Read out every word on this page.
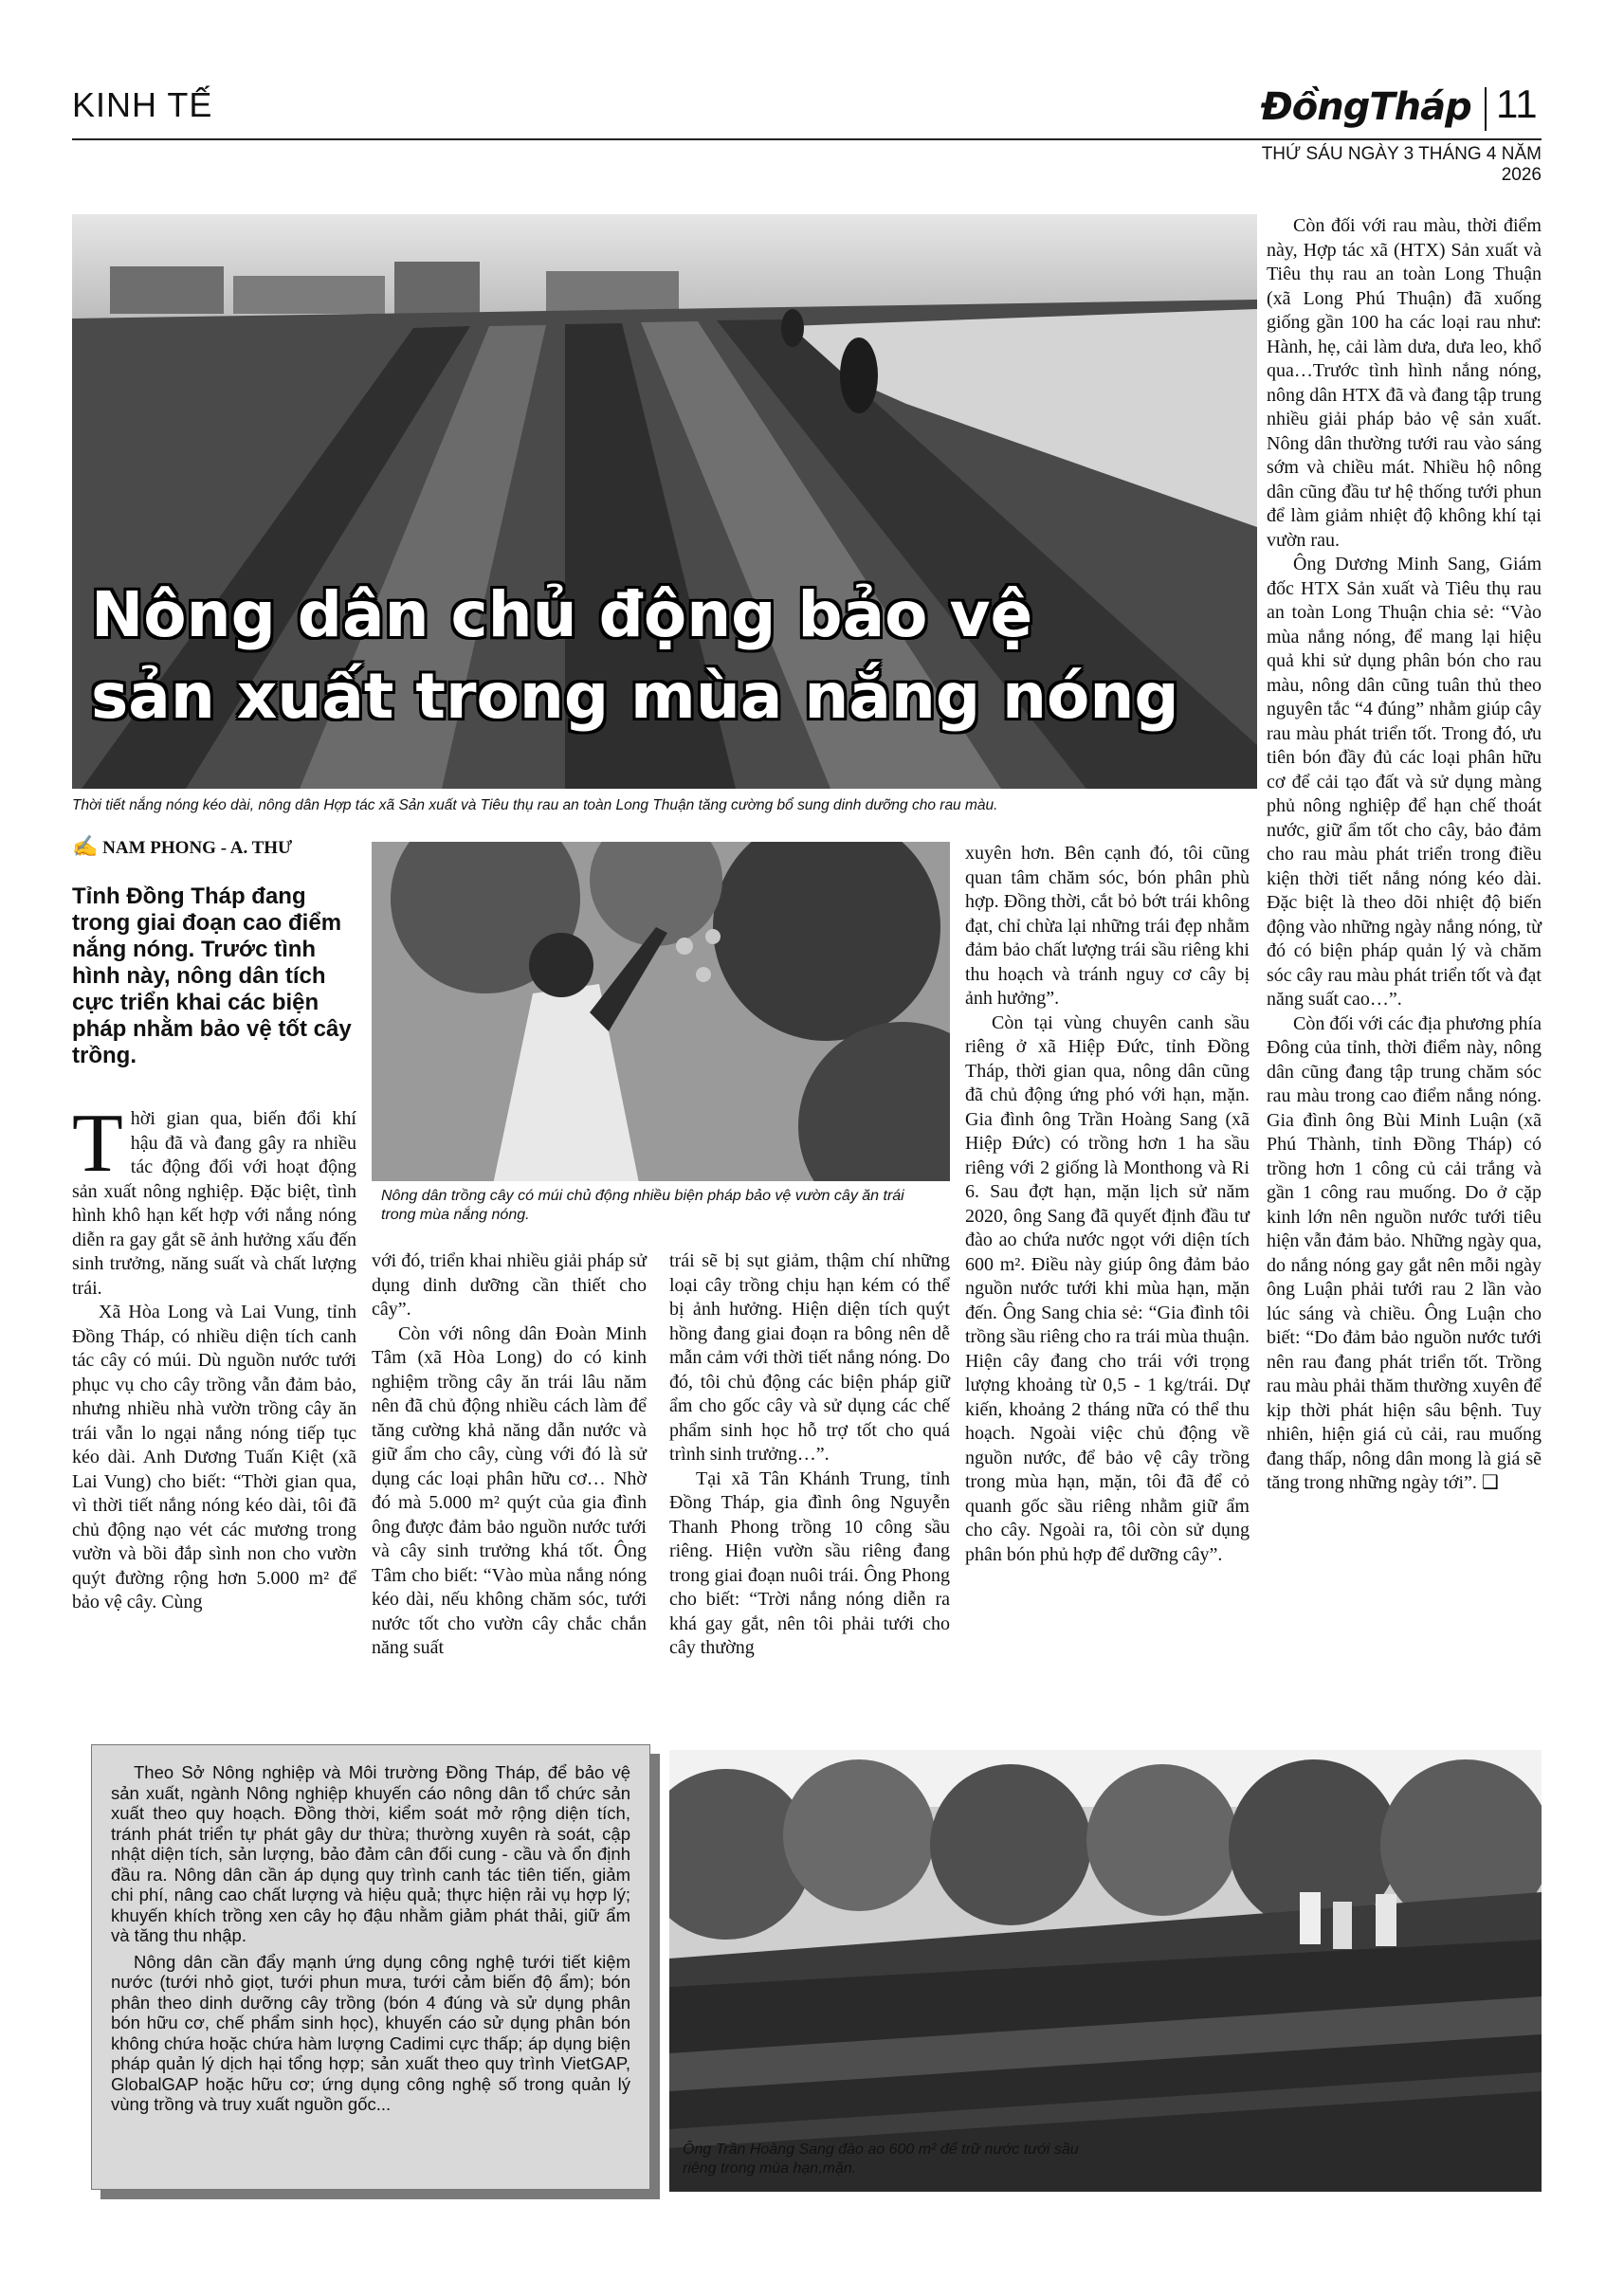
KINH TẾ	ĐồngTháp 11
THỨ SÁU NGÀY 3 THÁNG 4 NĂM 2026
Nông dân chủ động bảo vệ
sản xuất trong mùa nắng nóng
Thời tiết nắng nóng kéo dài, nông dân Hợp tác xã Sản xuất và Tiêu thụ rau an toàn Long Thuận tăng cường bổ sung dinh dưỡng cho rau màu.
✍ NAM PHONG - A. THƯ
Tỉnh Đồng Tháp đang trong giai đoạn cao điểm nắng nóng. Trước tình hình này, nông dân tích cực triển khai các biện pháp nhằm bảo vệ tốt cây trồng.

Thời gian qua, biến đổi khí hậu đã và đang gây ra nhiều tác động đối với hoạt động sản xuất nông nghiệp. Đặc biệt, tình hình khô hạn kết hợp với nắng nóng diễn ra gay gắt sẽ ảnh hưởng xấu đến sinh trưởng, năng suất và chất lượng trái.

Xã Hòa Long và Lai Vung, tỉnh Đồng Tháp, có nhiều diện tích canh tác cây có múi. Dù nguồn nước tưới phục vụ cho cây trồng vẫn đảm bảo, nhưng nhiều nhà vườn trồng cây ăn trái vẫn lo ngại nắng nóng tiếp tục kéo dài. Anh Dương Tuấn Kiệt (xã Lai Vung) cho biết: “Thời gian qua, vì thời tiết nắng nóng kéo dài, tôi đã chủ động nạo vét các mương trong vườn và bồi đắp sình non cho vườn quýt đường rộng hơn 5.000 m² để bảo vệ cây. Cùng

Nông dân trồng cây có múi chủ động nhiều biện pháp bảo vệ vườn cây ăn trái trong mùa nắng nóng.

với đó, triển khai nhiều giải pháp sử dụng dinh dưỡng cần thiết cho cây”.

Còn với nông dân Đoàn Minh Tâm (xã Hòa Long) do có kinh nghiệm trồng cây ăn trái lâu năm nên đã chủ động nhiều cách làm để tăng cường khả năng dẫn nước và giữ ẩm cho cây, cùng với đó là sử dụng các loại phân hữu cơ… Nhờ đó mà 5.000 m² quýt của gia đình ông được đảm bảo nguồn nước tưới và cây sinh trưởng khá tốt. Ông Tâm cho biết: “Vào mùa nắng nóng kéo dài, nếu không chăm sóc, tưới nước tốt cho vườn cây chắc chắn năng suất

trái sẽ bị sụt giảm, thậm chí những loại cây trồng chịu hạn kém có thể bị ảnh hưởng. Hiện diện tích quýt hồng đang giai đoạn ra bông nên dễ mẫn cảm với thời tiết nắng nóng. Do đó, tôi chủ động các biện pháp giữ ẩm cho gốc cây và sử dụng các chế phẩm sinh học hỗ trợ tốt cho quá trình sinh trưởng…”.

Tại xã Tân Khánh Trung, tỉnh Đồng Tháp, gia đình ông Nguyễn Thanh Phong trồng 10 công sầu riêng. Hiện vườn sầu riêng đang trong giai đoạn nuôi trái. Ông Phong cho biết: “Trời nắng nóng diễn ra khá gay gắt, nên tôi phải tưới cho cây thường

xuyên hơn. Bên cạnh đó, tôi cũng quan tâm chăm sóc, bón phân phù hợp. Đồng thời, cắt bỏ bớt trái không đạt, chỉ chừa lại những trái đẹp nhằm đảm bảo chất lượng trái sầu riêng khi thu hoạch và tránh nguy cơ cây bị ảnh hưởng”.

Còn tại vùng chuyên canh sầu riêng ở xã Hiệp Đức, tỉnh Đồng Tháp, thời gian qua, nông dân cũng đã chủ động ứng phó với hạn, mặn. Gia đình ông Trần Hoàng Sang (xã Hiệp Đức) có trồng hơn 1 ha sầu riêng với 2 giống là Monthong và Ri 6. Sau đợt hạn, mặn lịch sử năm 2020, ông Sang đã quyết định đầu tư đào ao chứa nước ngọt với diện tích 600 m². Điều này giúp ông đảm bảo nguồn nước tưới khi mùa hạn, mặn đến. Ông Sang chia sẻ: “Gia đình tôi trồng sầu riêng cho ra trái mùa thuận. Hiện cây đang cho trái với trọng lượng khoảng từ 0,5 - 1 kg/trái. Dự kiến, khoảng 2 tháng nữa có thể thu hoạch. Ngoài việc chủ động về nguồn nước, để bảo vệ cây trồng trong mùa hạn, mặn, tôi đã để cỏ quanh gốc sầu riêng nhằm giữ ẩm cho cây. Ngoài ra, tôi còn sử dụng phân bón phủ hợp để dưỡng cây”.

Còn đối với rau màu, thời điểm này, Hợp tác xã (HTX) Sản xuất và Tiêu thụ rau an toàn Long Thuận (xã Long Phú Thuận) đã xuống giống gần 100 ha các loại rau như: Hành, hẹ, cải làm dưa, dưa leo, khổ qua…Trước tình hình nắng nóng, nông dân HTX đã và đang tập trung nhiều giải pháp bảo vệ sản xuất. Nông dân thường tưới rau vào sáng sớm và chiều mát. Nhiều hộ nông dân cũng đầu tư hệ thống tưới phun để làm giảm nhiệt độ không khí tại vườn rau.

Ông Dương Minh Sang, Giám đốc HTX Sản xuất và Tiêu thụ rau an toàn Long Thuận chia sẻ: “Vào mùa nắng nóng, để mang lại hiệu quả khi sử dụng phân bón cho rau màu, nông dân cũng tuân thủ theo nguyên tắc “4 đúng” nhằm giúp cây rau màu phát triển tốt. Trong đó, ưu tiên bón đầy đủ các loại phân hữu cơ để cải tạo đất và sử dụng màng phủ nông nghiệp để hạn chế thoát nước, giữ ẩm tốt cho cây, bảo đảm cho rau màu phát triển trong điều kiện thời tiết nắng nóng kéo dài. Đặc biệt là theo dõi nhiệt độ biến động vào những ngày nắng nóng, từ đó có biện pháp quản lý và chăm sóc cây rau màu phát triển tốt và đạt năng suất cao…”.

Còn đối với các địa phương phía Đông của tỉnh, thời điểm này, nông dân cũng đang tập trung chăm sóc rau màu trong cao điểm nắng nóng. Gia đình ông Bùi Minh Luận (xã Phú Thành, tỉnh Đồng Tháp) có trồng hơn 1 công củ cải trắng và gần 1 công rau muống. Do ở cặp kinh lớn nên nguồn nước tưới tiêu hiện vẫn đảm bảo. Những ngày qua, do nắng nóng gay gắt nên mỗi ngày ông Luận phải tưới rau 2 lần vào lúc sáng và chiều. Ông Luận cho biết: “Do đảm bảo nguồn nước tưới nên rau đang phát triển tốt. Trồng rau màu phải thăm thường xuyên để kịp thời phát hiện sâu bệnh. Tuy nhiên, hiện giá củ cải, rau muống đang thấp, nông dân mong là giá sẽ tăng trong những ngày tới”. ❑

Theo Sở Nông nghiệp và Môi trường Đồng Tháp, để bảo vệ sản xuất, ngành Nông nghiệp khuyến cáo nông dân tổ chức sản xuất theo quy hoạch. Đồng thời, kiểm soát mở rộng diện tích, tránh phát triển tự phát gây dư thừa; thường xuyên rà soát, cập nhật diện tích, sản lượng, bảo đảm cân đối cung - cầu và ổn định đầu ra. Nông dân cần áp dụng quy trình canh tác tiên tiến, giảm chi phí, nâng cao chất lượng và hiệu quả; thực hiện rải vụ hợp lý; khuyến khích trồng xen cây họ đậu nhằm giảm phát thải, giữ ẩm và tăng thu nhập.

Nông dân cần đẩy mạnh ứng dụng công nghệ tưới tiết kiệm nước (tưới nhỏ giọt, tưới phun mưa, tưới cảm biến độ ẩm); bón phân theo dinh dưỡng cây trồng (bón 4 đúng và sử dụng phân bón hữu cơ, chế phẩm sinh học), khuyến cáo sử dụng phân bón không chứa hoặc chứa hàm lượng Cadimi cực thấp; áp dụng biện pháp quản lý dịch hại tổng hợp; sản xuất theo quy trình VietGAP, GlobalGAP hoặc hữu cơ; ứng dụng công nghệ số trong quản lý vùng trồng và truy xuất nguồn gốc...

Ông Trần Hoàng Sang đào ao 600 m² để trữ nước tưới sầu riêng trong mùa hạn,mặn.
